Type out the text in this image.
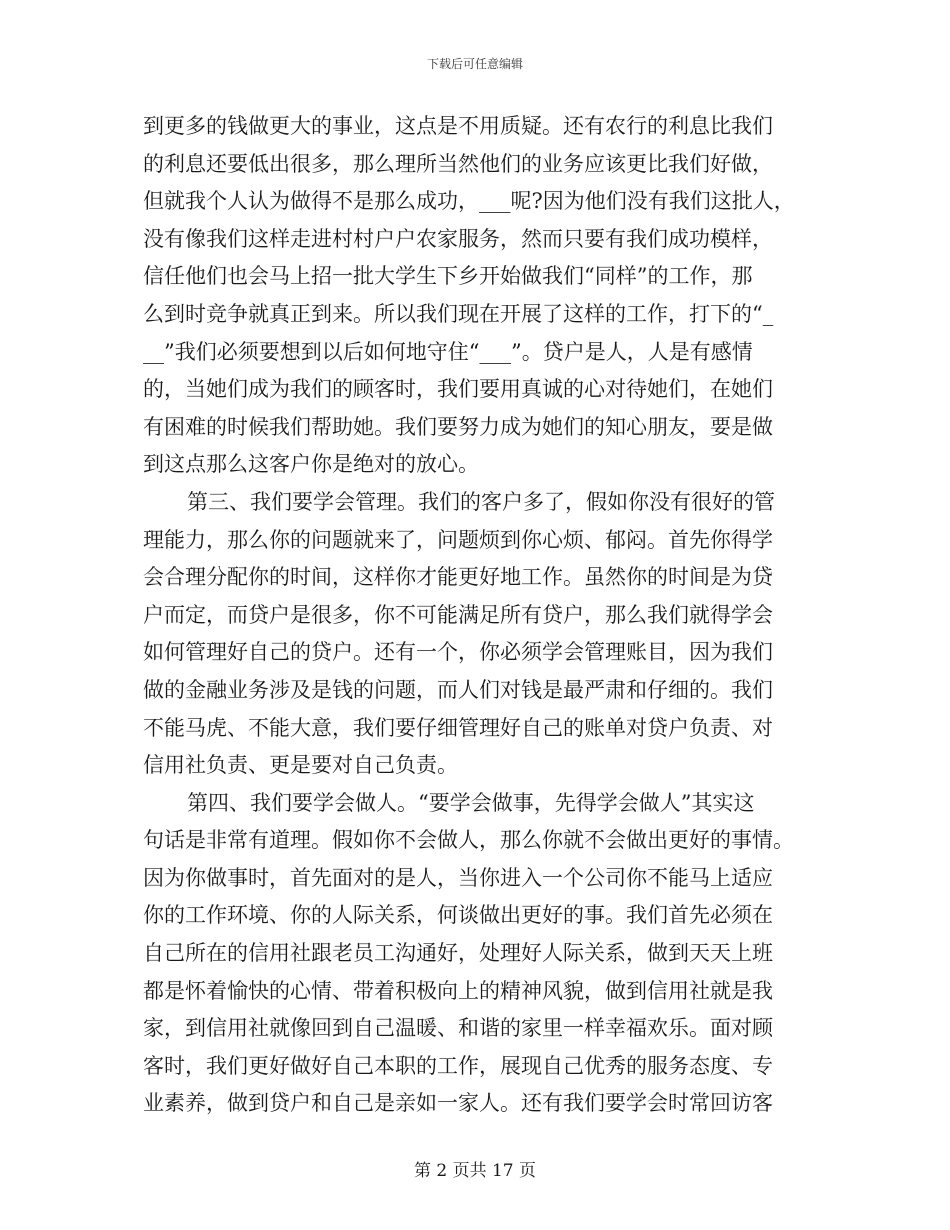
下载后可任意编辑
到更多的钱做更大的事业，这点是不用质疑。还有农行的利息比我们
的利息还要低出很多，那么理所当然他们的业务应该更比我们好做，
但就我个人认为做得不是那么成功，___呢?因为他们没有我们这批人，
没有像我们这样走进村村户户农家服务，然而只要有我们成功模样，
信任他们也会马上招一批大学生下乡开始做我们“同样”的工作，那
么到时竞争就真正到来。所以我们现在开展了这样的工作，打下的“_
__”我们必须要想到以后如何地守住“___”。贷户是人，人是有感情
的，当她们成为我们的顾客时，我们要用真诚的心对待她们，在她们
有困难的时候我们帮助她。我们要努力成为她们的知心朋友，要是做
到这点那么这客户你是绝对的放心。
第三、我们要学会管理。我们的客户多了，假如你没有很好的管
理能力，那么你的问题就来了，问题烦到你心烦、郁闷。首先你得学
会合理分配你的时间，这样你才能更好地工作。虽然你的时间是为贷
户而定，而贷户是很多，你不可能满足所有贷户，那么我们就得学会
如何管理好自己的贷户。还有一个，你必须学会管理账目，因为我们
做的金融业务涉及是钱的问题，而人们对钱是最严肃和仔细的。我们
不能马虎、不能大意，我们要仔细管理好自己的账单对贷户负责、对
信用社负责、更是要对自己负责。
第四、我们要学会做人。“要学会做事，先得学会做人”其实这
句话是非常有道理。假如你不会做人，那么你就不会做出更好的事情。
因为你做事时，首先面对的是人，当你进入一个公司你不能马上适应
你的工作环境、你的人际关系，何谈做出更好的事。我们首先必须在
自己所在的信用社跟老员工沟通好，处理好人际关系，做到天天上班
都是怀着愉快的心情、带着积极向上的精神风貌，做到信用社就是我
家，到信用社就像回到自己温暖、和谐的家里一样幸福欢乐。面对顾
客时，我们更好做好自己本职的工作，展现自己优秀的服务态度、专
业素养，做到贷户和自己是亲如一家人。还有我们要学会时常回访客
第 2 页共 17 页
